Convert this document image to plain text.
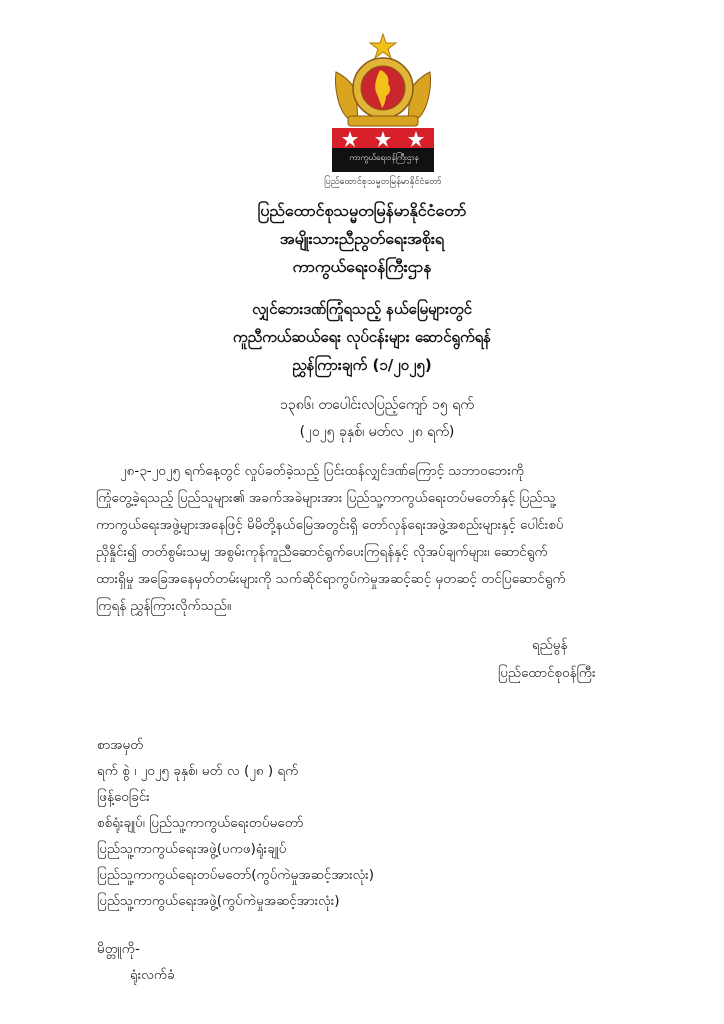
ကာကွယ်ရေးဝန်ကြီးဌာန
ပြည်ထောင်စုသမ္မတမြန်မာနိုင်ငံတော်
ပြည်ထောင်စုသမ္မတမြန်မာနိုင်ငံတော်
အမျိုးသားညီညွတ်ရေးအစိုးရ
ကာကွယ်ရေးဝန်ကြီးဌာန
လျှင်ဘေးဒဏ်ကြုံရသည့် နယ်မြေများတွင်
ကူညီကယ်ဆယ်ရေး လုပ်ငန်းများ ဆောင်ရွက်ရန်
ညွှန်ကြားချက် (၁/၂၀၂၅)
၁၃၈၆၊ တပေါင်းလပြည့်ကျော် ၁၅ ရက်
(၂၀၂၅ ခုနှစ်၊ မတ်လ ၂၈ ရက်)
၂၈-၃-၂၀၂၅ ရက်နေ့တွင် လှုပ်ခတ်ခဲ့သည့် ပြင်းထန်လျှင်ဒဏ်ကြောင့် သဘာဝဘေးကို
ကြုံတွေ့ခဲ့ရသည့် ပြည်သူများ၏ အခက်အခဲများအား ပြည်သူ့ကာကွယ်ရေးတပ်မတော်နှင့် ပြည်သူ့
ကာကွယ်ရေးအဖွဲ့များအနေဖြင့် မိမိတို့နယ်မြေအတွင်းရှိ တော်လှန်ရေးအဖွဲ့အစည်းများနှင့် ပေါင်းစပ်
ညှိနှိုင်း၍ တတ်စွမ်းသမျှ အစွမ်းကုန်ကူညီဆောင်ရွက်ပေးကြရန်နှင့် လိုအပ်ချက်များ၊ ဆောင်ရွက်
ထားရှိမှု အခြေအနေမှတ်တမ်းများကို သက်ဆိုင်ရာကွပ်ကဲမှုအဆင့်ဆင့် မှတဆင့် တင်ပြဆောင်ရွက်
ကြရန် ညွှန်ကြားလိုက်သည်။
ရည်မွန်
ပြည်ထောင်စုဝန်ကြီး
စာအမှတ်
ရက် စွဲ ၊ ၂၀၂၅ ခုနှစ်၊ မတ် လ (၂၈ ) ရက်
ဖြန့်ဝေခြင်း
စစ်ရုံးချုပ်၊ ပြည်သူ့ကာကွယ်ရေးတပ်မတော်
ပြည်သူ့ကာကွယ်ရေးအဖွဲ့(ပကဖ)ရုံးချုပ်
ပြည်သူ့ကာကွယ်ရေးတပ်မတော်(ကွပ်ကဲမှုအဆင့်အားလုံး)
ပြည်သူ့ကာကွယ်ရေးအဖွဲ့(ကွပ်ကဲမှုအဆင့်အားလုံး)
မိတ္တူကို-
ရုံးလက်ခံ
